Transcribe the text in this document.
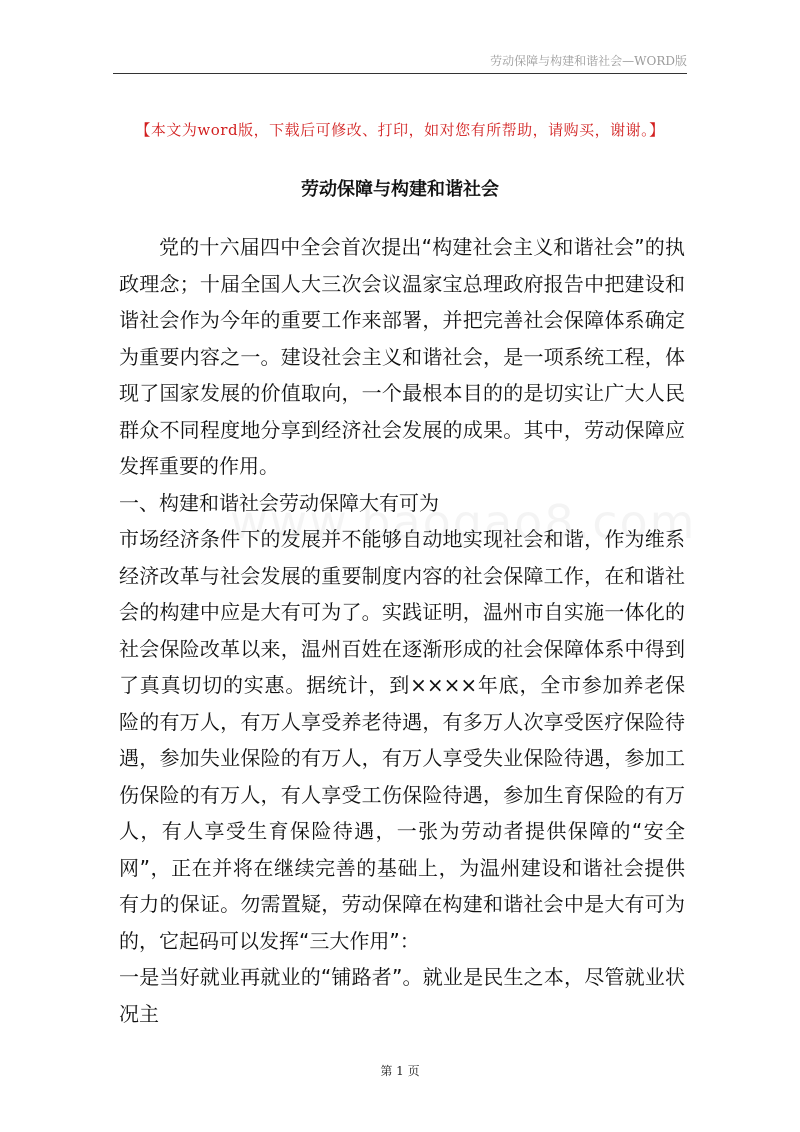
劳动保障与构建和谐社会—WORD版
【本文为word版，下载后可修改、打印，如对您有所帮助，请购买，谢谢。】
劳动保障与构建和谐社会

党的十六届四中全会首次提出“构建社会主义和谐社会”的执政理念；十届全国人大三次会议温家宝总理政府报告中把建设和谐社会作为今年的重要工作来部署，并把完善社会保障体系确定为重要内容之一。建设社会主义和谐社会，是一项系统工程，体现了国家发展的价值取向，一个最根本目的的是切实让广大人民群众不同程度地分享到经济社会发展的成果。其中，劳动保障应发挥重要的作用。

一、构建和谐社会劳动保障大有可为

市场经济条件下的发展并不能够自动地实现社会和谐，作为维系经济改革与社会发展的重要制度内容的社会保障工作，在和谐社会的构建中应是大有可为了。实践证明，温州市自实施一体化的社会保险改革以来，温州百姓在逐渐形成的社会保障体系中得到了真真切切的实惠。据统计，到××××年底，全市参加养老保险的有万人，有万人享受养老待遇，有多万人次享受医疗保险待遇，参加失业保险的有万人，有万人享受失业保险待遇，参加工伤保险的有万人，有人享受工伤保险待遇，参加生育保险的有万人，有人享受生育保险待遇，一张为劳动者提供保障的“安全网”，正在并将在继续完善的基础上，为温州建设和谐社会提供有力的保证。勿需置疑，劳动保障在构建和谐社会中是大有可为的，它起码可以发挥“三大作用”：

一是当好就业再就业的“铺路者”。就业是民生之本，尽管就业状况主

第 1 页
